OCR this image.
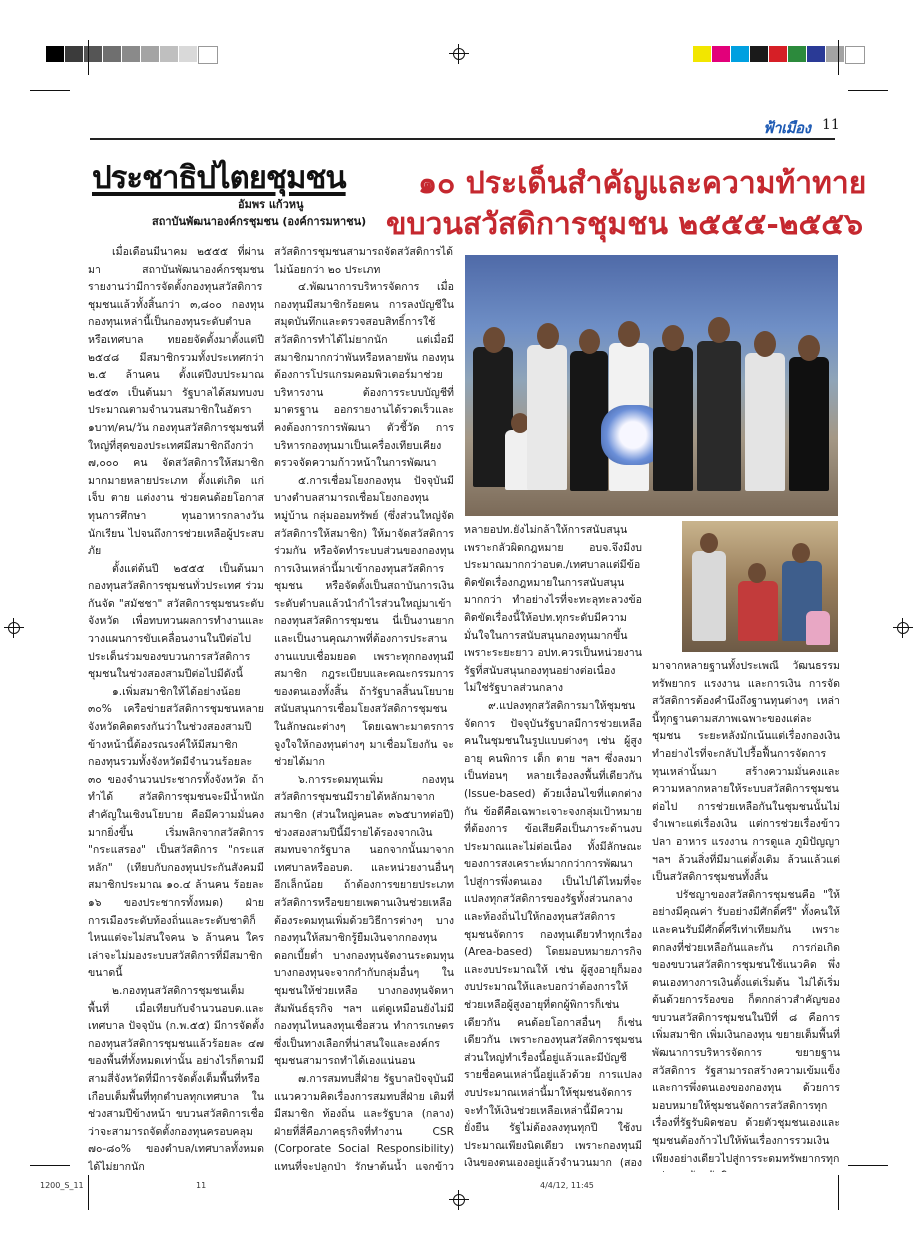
ฟ้าเมือง 11
ประชาธิปไตยชุมชน
อัมพร แก้วหนู
สถาบันพัฒนาองค์กรชุมชน (องค์การมหาชน)
๑๐ ประเด็นสำคัญและความท้าทาย
ขบวนสวัสดิการชุมชน ๒๕๕๕-๒๕๕๖

เมื่อเดือนมีนาคม ๒๕๕๕ ที่ผ่านมา สถาบันพัฒนาองค์กรชุมชน รายงานว่ามีการจัดตั้งกองทุนสวัสดิการชุมชนแล้วทั้งสิ้นกว่า ๓,๘๐๐ กองทุน กองทุนเหล่านี้เป็นกองทุนระดับตำบลหรือเทศบาล ทยอยจัดตั้งมาตั้งแต่ปี ๒๕๔๘ มีสมาชิกรวมทั้งประเทศกว่า ๒.๕ ล้านคน ตั้งแต่ปีงบประมาณ ๒๕๕๓ เป็นต้นมา รัฐบาลได้สมทบงบประมาณตามจำนวนสมาชิกในอัตรา ๑บาท/คน/วัน กองทุนสวัสดิการชุมชนที่ใหญ่ที่สุดของประเทศมีสมาชิกถึงกว่า ๗,๐๐๐ คน จัดสวัสดิการให้สมาชิกมากมายหลายประเภท ตั้งแต่เกิด แก่ เจ็บ ตาย แต่งงาน ช่วยคนด้อยโอกาส ทุนการศึกษา ทุนอาหารกลางวันนักเรียน ไปจนถึงการช่วยเหลือผู้ประสบภัย

ตั้งแต่ต้นปี ๒๕๕๕ เป็นต้นมา กองทุนสวัสดิการชุมชนทั่วประเทศ ร่วมกันจัด "สมัชชา" สวัสดิการชุมชนระดับจังหวัด เพื่อทบทวนผลการทำงานและวางแผนการขับเคลื่อนงานในปีต่อไป ประเด็นร่วมของขบวนการสวัสดิการชุมชนในช่วงสองสามปีต่อไปมีดังนี้

๑.เพิ่มสมาชิกให้ได้อย่างน้อย ๓๐% เครือข่ายสวัสดิการชุมชนหลายจังหวัดคิดตรงกันว่าในช่วงสองสามปีข้างหน้านี้ต้องรณรงค์ให้มีสมาชิกกองทุนรวมทั้งจังหวัดมีจำนวนร้อยละ ๓๐ ของจำนวนประชากรทั้งจังหวัด ถ้าทำได้ สวัสดิการชุมชนจะมีน้ำหนักสำคัญในเชิงนโยบาย คือมีความมั่นคงมากยิ่งขึ้น เริ่มพลิกจากสวัสดิการ "กระแสรอง" เป็นสวัสดิการ "กระแสหลัก" (เทียบกับกองทุนประกันสังคมมีสมาชิกประมาณ ๑๐.๔ ล้านคน ร้อยละ ๑๖ ของประชากรทั้งหมด) ฝ่ายการเมืองระดับท้องถิ่นและระดับชาติก็ไหนแต่จะไม่สนใจคน ๖ ล้านคน ใครเล่าจะไม่มองระบบสวัสดิการที่มีสมาชิกขนาดนี้

๒.กองทุนสวัสดิการชุมชนเต็มพื้นที่ เมื่อเทียบกับจำนวนอบต.และเทศบาล ปัจจุบัน (ก.พ.๕๕) มีการจัดตั้งกองทุนสวัสดิการชุมชนแล้วร้อยละ ๔๗ ของพื้นที่ทั้งหมดเท่านั้น อย่างไรก็ตามมีสามสี่จังหวัดที่มีการจัดตั้งเต็มพื้นที่หรือเกือบเต็มพื้นที่ทุกตำบลทุกเทศบาล ในช่วงสามปีข้างหน้า ขบวนสวัสดิการเชื่อว่าจะสามารถจัดตั้งกองทุนครอบคลุม ๗๐-๘๐% ของตำบล/เทศบาลทั้งหมดได้ไม่ยากนัก

สวัสดิการชุมชนสามารถจัดสวัสดิการได้ไม่น้อยกว่า ๒๐ ประเภท

๔.พัฒนาการบริหารจัดการ เมื่อกองทุนมีสมาชิกร้อยคน การลงบัญชีในสมุดบันทึกและตรวจสอบสิทธิ์การใช้สวัสดิการทำได้ไม่ยากนัก แต่เมื่อมีสมาชิกมากกว่าพันหรือหลายพัน กองทุนต้องการโปรแกรมคอมพิวเตอร์มาช่วยบริหารงาน ต้องการระบบบัญชีที่มาตรฐาน ออกรายงานได้รวดเร็วและคงต้องการการพัฒนา ตัวชี้วัด การบริหารกองทุนมาเป็นเครื่องเทียบเคียง ตรวจจัดความก้าวหน้าในการพัฒนา

๕.การเชื่อมโยงกองทุน ปัจจุบันมีบางตำบลสามารถเชื่อมโยงกองทุนหมู่บ้าน กลุ่มออมทรัพย์ (ซึ่งส่วนใหญ่จัดสวัสดิการให้สมาชิก) ให้มาจัดสวัสดิการร่วมกัน หรือจัดทำระบบส่วนของกองทุนการเงินเหล่านี้มาเข้ากองทุนสวัสดิการชุมชน หรือจัดตั้งเป็นสถาบันการเงินระดับตำบลแล้วนำกำไรส่วนใหญ่มาเข้ากองทุนสวัสดิการชุมชน นี่เป็นงานยากและเป็นงานคุณภาพที่ต้องการประสานงานแบบเชื่อมยอด เพราะทุกกองทุนมีสมาชิก กฎระเบียบและคณะกรรมการของตนเองทั้งสิ้น ถ้ารัฐบาลสิ้นนโยบายสนับสนุนการเชื่อมโยงสวัสดิการชุมชนในลักษณะต่างๆ โดยเฉพาะมาตรการจูงใจให้กองทุนต่างๆ มาเชื่อมโยงกัน จะช่วยได้มาก

๖.การระดมทุนเพิ่ม กองทุนสวัสดิการชุมชนมีรายได้หลักมาจากสมาชิก (ส่วนใหญ่คนละ ๓๖๕บาทต่อปี) ช่วงสองสามปีนี้มีรายได้รองจากเงินสมทบจากรัฐบาล นอกจากนั้นมาจากเทศบาลหรืออบต. และหน่วยงานอื่นๆ อีกเล็กน้อย ถ้าต้องการขยายประเภทสวัสดิการหรือขยายเพดานเงินช่วยเหลือต้องระดมทุนเพิ่มด้วยวิธีการต่างๆ บางกองทุนให้สมาชิกรู้ยืมเงินจากกองทุนดอกเบี้ยต่ำ บางกองทุนจัดงานระดมทุน บางกองทุนจะจากกำกับกลุ่มอื่นๆ ในชุมชนให้ช่วยเหลือ บางกองทุนจัดหาสัมพันธ์ธุรกิจ ฯลฯ แต่ดูเหมือนยังไม่มีกองทุนไหนลงทุนเชื่อสวน ทำการเกษตร ซึ่งเป็นทางเลือกที่น่าสนใจและองค์กรชุมชนสามารถทำได้เองแน่นอน

๗.การสมทบสี่ฝ่าย รัฐบาลปัจจุบันมีแนวความคิดเรื่องการสมทบสี่ฝ่าย เติมที่มีสมาชิก ท้องถิ่น และรัฐบาล (กลาง) ฝ่ายที่สี่คือภาคธุรกิจที่ทำงาน CSR (Corporate Social Responsibility) แทนที่จะปลูกป่า รักษาต้นน้ำ แจกข้าว

หลายอปท.ยังไม่กล้าให้การสนับสนุนเพราะกลัวผิดกฎหมาย อบจ.จึงมีงบประมาณมากกว่าอบต./เทศบาลแต่มีข้อติดขัดเรื่องกฎหมายในการสนับสนุนมากกว่า ทำอย่างไรที่จะทะลุทะลวงข้อติดขัดเรื่องนี้ให้อปท.ทุกระดับมีความมั่นใจในการสนับสนุนกองทุนมากขึ้น เพราะระยะยาว อปท.ควรเป็นหน่วยงานรัฐที่สนับสนุนกองทุนอย่างต่อเนื่อง ไม่ใช่รัฐบาลส่วนกลาง

๙.แปลงทุกสวัสดิการมาให้ชุมชน จัดการ ปัจจุบันรัฐบาลมีการช่วยเหลือคนในชุมชนในรูปแบบต่างๆ เช่น ผู้สูงอายุ คนพิการ เด็ก ตาย ฯลฯ ซึ่งลงมาเป็นท่อนๆ หลายเรื่องลงพื้นที่เดียวกัน (Issue-based) ด้วยเงื่อนไขที่แตกต่างกัน ข้อดีคือเฉพาะเจาะจงกลุ่มเป้าหมายที่ต้องการ ข้อเสียคือเป็นภาระด้านงบประมาณและไม่ต่อเนื่อง ทั้งมีลักษณะของการสงเคราะห์มากกว่าการพัฒนาไปสู่การพึ่งตนเอง เป็นไปได้ไหมที่จะแปลงทุกสวัสดิการของรัฐทั้งส่วนกลางและท้องถิ่นไปให้กองทุนสวัสดิการชุมชนจัดการ กองทุนเดียวทำทุกเรื่อง (Area-based) โดยมอบหมายภารกิจและงบประมาณให้ เช่น ผู้สูงอายุก็มองงบประมาณให้และบอกว่าต้องการให้ช่วยเหลือผู้สูงอายุที่ตกผู้พิการก็เช่นเดียวกัน คนด้อยโอกาสอื่นๆ ก็เช่นเดียวกัน เพราะกองทุนสวัสดิการชุมชนส่วนใหญ่ทำเรื่องนี้อยู่แล้วและมีบัญชีรายชื่อคนเหล่านี้อยู่แล้วด้วย การแปลงงบประมาณเหล่านี้มาให้ชุมชนจัดการจะทำให้เงินช่วยเหลือเหล่านี้มีความยั่งยืน รัฐไม่ต้องลงทุนทุกปี ใช้งบประมาณเพียงนิดเดียว เพราะกองทุนมีเงินของตนเองอยู่แล้วจำนวนมาก (สอง

มาจากหลายฐานทั้งประเพณี วัฒนธรรม ทรัพยากร แรงงาน และการเงิน การจัดสวัสดิการต้องคำนึงถึงฐานทุนต่างๆ เหล่านี้ทุกฐานตามสภาพเฉพาะของแต่ละชุมชน ระยะหลังมักเน้นแต่เรื่องกองเงิน ทำอย่างไรที่จะกลับไปรื้อฟื้นการจัดการทุนเหล่านั้นมา สร้างความมั่นคงและความหลากหลายให้ระบบสวัสดิการชุมชนต่อไป การช่วยเหลือกันในชุมชนนั้นไม่จำเพาะแต่เรื่องเงิน แต่การช่วยเรื่องข้าว ปลา อาหาร แรงงาน การดูแล ภูมิปัญญา ฯลฯ ล้วนสิ่งที่มีมาแต่ดั้งเดิม ล้วนแล้วแต่เป็นสวัสดิการชุมชนทั้งสิ้น

ปรัชญาของสวัสดิการชุมชนคือ "ให้อย่างมีคุณค่า รับอย่างมีศักดิ์ศรี" ทั้งคนให้และคนรับมีศักดิ์ศรีเท่าเทียมกัน เพราะตกลงที่ช่วยเหลือกันและกัน การก่อเกิดของขบวนสวัสดิการชุมชนใช้แนวคิด พึ่งตนเองทางการเงินตั้งแต่เริ่มต้น ไม่ได้เริ่มต้นด้วยการร้องขอ ก็ตกกล่าวสำคัญของขบวนสวัสดิการชุมชนในปีที่ ๘ คือการเพิ่มสมาชิก เพิ่มเงินกองทุน ขยายเต็มพื้นที่ พัฒนาการบริหารจัดการ ขยายฐานสวัสดิการ รัฐสามารถสร้างความเข้มแข็งและการพึ่งตนเองของกองทุน ด้วยการมอบหมายให้ชุมชนจัดการสวัสดิการทุกเรื่องที่รัฐรับผิดชอบ ด้วยตัวชุมชนเองและชุมชนต้องก้าวไปให้พ้นเรื่องการรวมเงินเพียงอย่างเดียวไปสู่การระดมทรัพยากรทุก

1200_S_11	11	4/4/12, 11:45
